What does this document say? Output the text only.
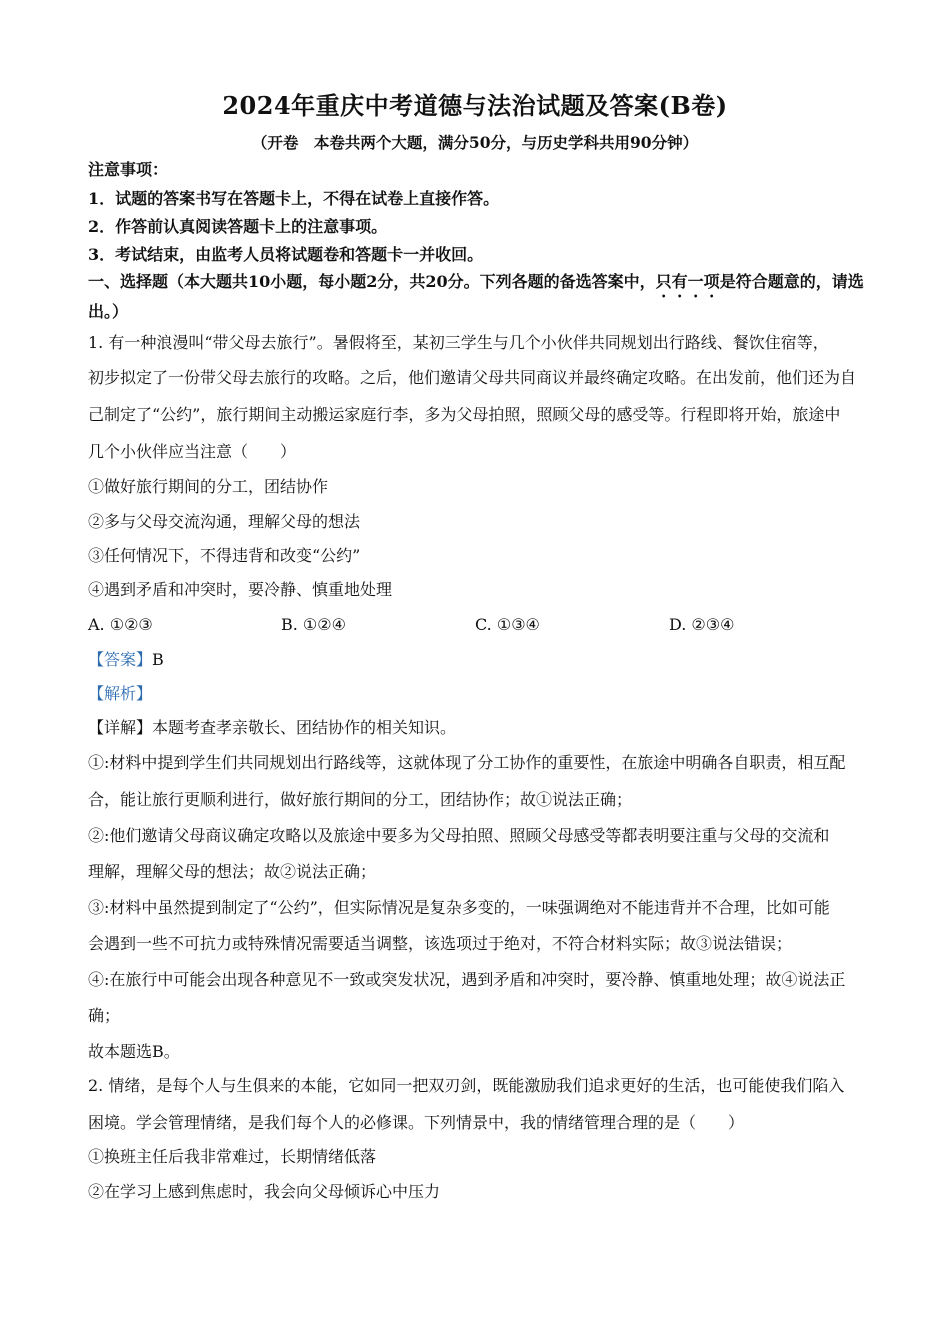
2024年重庆中考道德与法治试题及答案(B卷)
（开卷　本卷共两个大题，满分50分，与历史学科共用90分钟）
注意事项：
1．试题的答案书写在答题卡上，不得在试卷上直接作答。
2．作答前认真阅读答题卡上的注意事项。
3．考试结束，由监考人员将试题卷和答题卡一并收回。
一、选择题（本大题共10小题，每小题2分，共20分。下列各题的备选答案中，只有一项是符合题意的，请选
出。）
1. 有一种浪漫叫“带父母去旅行”。暑假将至，某初三学生与几个小伙伴共同规划出行路线、餐饮住宿等，
初步拟定了一份带父母去旅行的攻略。之后，他们邀请父母共同商议并最终确定攻略。在出发前，他们还为自
己制定了“公约”，旅行期间主动搬运家庭行李，多为父母拍照，照顾父母的感受等。行程即将开始，旅途中
几个小伙伴应当注意（　　）
①做好旅行期间的分工，团结协作
②多与父母交流沟通，理解父母的想法
③任何情况下，不得违背和改变“公约”
④遇到矛盾和冲突时，要冷静、慎重地处理
A. ①②③	B. ①②④	C. ①③④	D. ②③④
【答案】B
【解析】
【详解】本题考查孝亲敬长、团结协作的相关知识。
①:材料中提到学生们共同规划出行路线等，这就体现了分工协作的重要性，在旅途中明确各自职责，相互配
合，能让旅行更顺利进行，做好旅行期间的分工，团结协作；故①说法正确；
②:他们邀请父母商议确定攻略以及旅途中要多为父母拍照、照顾父母感受等都表明要注重与父母的交流和
理解，理解父母的想法；故②说法正确；
③:材料中虽然提到制定了“公约”，但实际情况是复杂多变的，一味强调绝对不能违背并不合理，比如可能
会遇到一些不可抗力或特殊情况需要适当调整，该选项过于绝对，不符合材料实际；故③说法错误；
④:在旅行中可能会出现各种意见不一致或突发状况，遇到矛盾和冲突时，要冷静、慎重地处理；故④说法正
确；
故本题选B。
2. 情绪，是每个人与生俱来的本能，它如同一把双刃剑，既能激励我们追求更好的生活，也可能使我们陷入
困境。学会管理情绪，是我们每个人的必修课。下列情景中，我的情绪管理合理的是（　　）
①换班主任后我非常难过，长期情绪低落
②在学习上感到焦虑时，我会向父母倾诉心中压力
